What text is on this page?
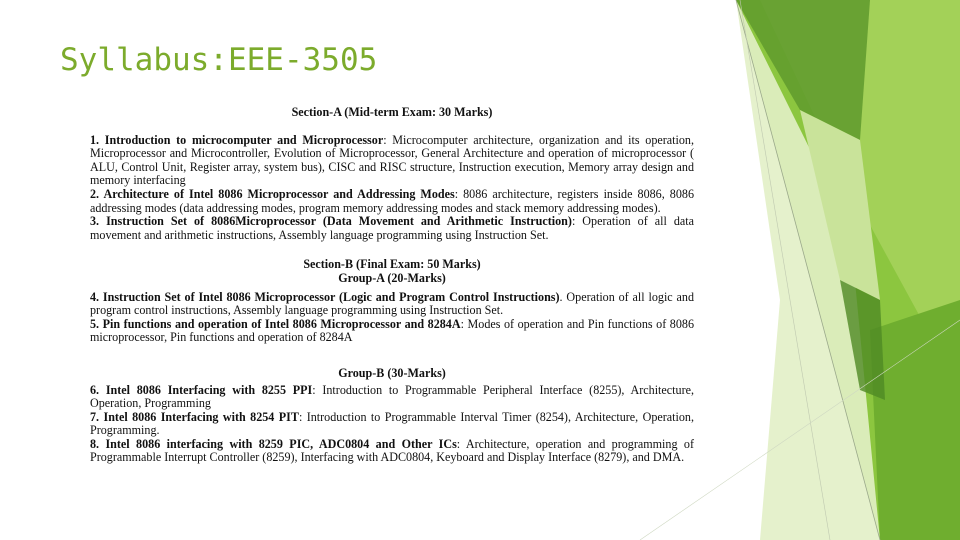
Syllabus:EEE-3505

Section-A (Mid-term Exam: 30 Marks)

1. Introduction to microcomputer and Microprocessor: Microcomputer architecture, organization and its operation, Microprocessor and Microcontroller, Evolution of Microprocessor, General Architecture and operation of microprocessor ( ALU, Control Unit, Register array, system bus), CISC and RISC structure, Instruction execution, Memory array design and memory interfacing

2. Architecture of Intel 8086 Microprocessor and Addressing Modes: 8086 architecture, registers inside 8086, 8086 addressing modes (data addressing modes, program memory addressing modes and stack memory addressing modes).

3. Instruction Set of 8086Microprocessor (Data Movement and Arithmetic Instruction): Operation of all data movement and arithmetic instructions, Assembly language programming using Instruction Set.

Section-B (Final Exam: 50 Marks)

Group-A (20-Marks)

4. Instruction Set of Intel 8086 Microprocessor (Logic and Program Control Instructions). Operation of all logic and program control instructions, Assembly language programming using Instruction Set.

5. Pin functions and operation of Intel 8086 Microprocessor and 8284A: Modes of operation and Pin functions of 8086 microprocessor, Pin functions and operation of 8284A

Group-B (30-Marks)

6. Intel 8086 Interfacing with 8255 PPI: Introduction to Programmable Peripheral Interface (8255), Architecture, Operation, Programming

7. Intel 8086 Interfacing with 8254 PIT: Introduction to Programmable Interval Timer (8254), Architecture, Operation, Programming.

8. Intel 8086 interfacing with 8259 PIC, ADC0804 and Other ICs: Architecture, operation and programming of Programmable Interrupt Controller (8259), Interfacing with ADC0804, Keyboard and Display Interface (8279), and DMA.
